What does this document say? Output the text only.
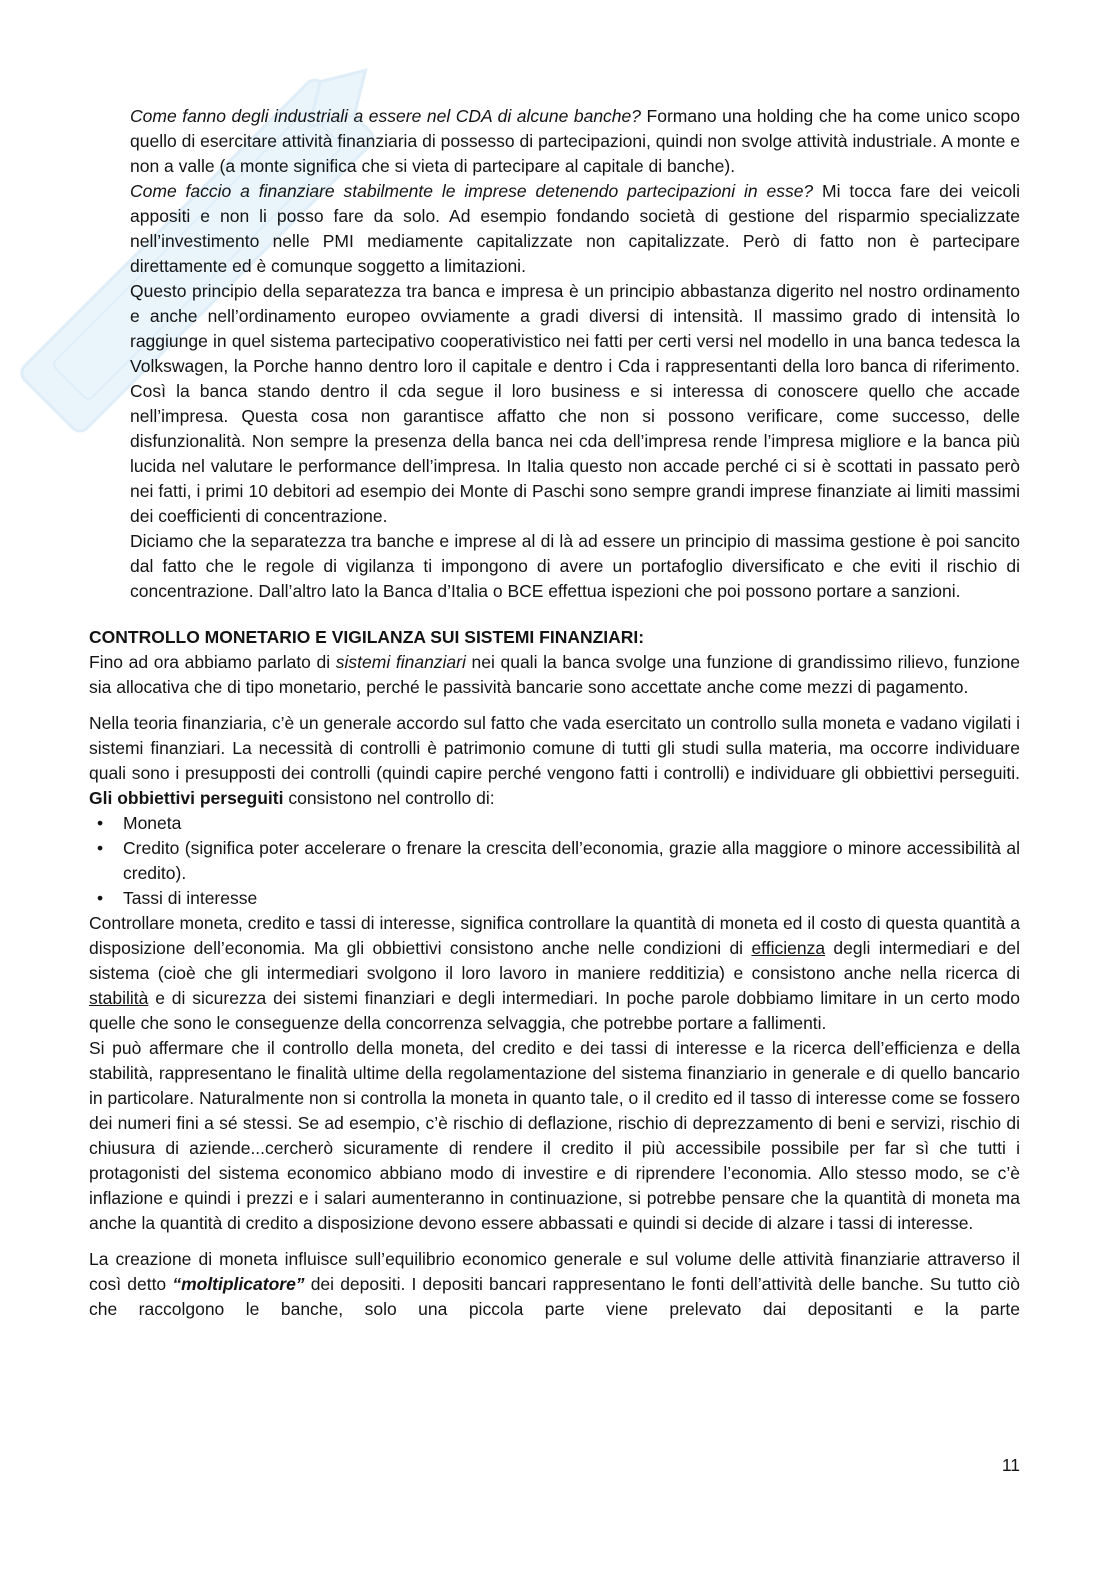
Come fanno degli industriali a essere nel CDA di alcune banche? Formano una holding che ha come unico scopo quello di esercitare attività finanziaria di possesso di partecipazioni, quindi non svolge attività industriale. A monte e non a valle (a monte significa che si vieta di partecipare al capitale di banche).

Come faccio a finanziare stabilmente le imprese detenendo partecipazioni in esse? Mi tocca fare dei veicoli appositi e non li posso fare da solo. Ad esempio fondando società di gestione del risparmio specializzate nell’investimento nelle PMI mediamente capitalizzate non capitalizzate. Però di fatto non è partecipare direttamente ed è comunque soggetto a limitazioni.

Questo principio della separatezza tra banca e impresa è un principio abbastanza digerito nel nostro ordinamento e anche nell’ordinamento europeo ovviamente a gradi diversi di intensità. Il massimo grado di intensità lo raggiunge in quel sistema partecipativo cooperativistico nei fatti per certi versi nel modello in una banca tedesca la Volkswagen, la Porche hanno dentro loro il capitale e dentro i Cda i rappresentanti della loro banca di riferimento. Così la banca stando dentro il cda segue il loro business e si interessa di conoscere quello che accade nell’impresa. Questa cosa non garantisce affatto che non si possono verificare, come successo, delle disfunzionalità. Non sempre la presenza della banca nei cda dell’impresa rende l’impresa migliore e la banca più lucida nel valutare le performance dell’impresa. In Italia questo non accade perché ci si è scottati in passato però nei fatti, i primi 10 debitori ad esempio dei Monte di Paschi sono sempre grandi imprese finanziate ai limiti massimi dei coefficienti di concentrazione.

Diciamo che la separatezza tra banche e imprese al di là ad essere un principio di massima gestione è poi sancito dal fatto che le regole di vigilanza ti impongono di avere un portafoglio diversificato e che eviti il rischio di concentrazione. Dall’altro lato la Banca d’Italia o BCE effettua ispezioni che poi possono portare a sanzioni.

CONTROLLO MONETARIO E VIGILANZA SUI SISTEMI FINANZIARI:

Fino ad ora abbiamo parlato di sistemi finanziari nei quali la banca svolge una funzione di grandissimo rilievo, funzione sia allocativa che di tipo monetario, perché le passività bancarie sono accettate anche come mezzi di pagamento.

Nella teoria finanziaria, c’è un generale accordo sul fatto che vada esercitato un controllo sulla moneta e vadano vigilati i sistemi finanziari. La necessità di controlli è patrimonio comune di tutti gli studi sulla materia, ma occorre individuare quali sono i presupposti dei controlli (quindi capire perché vengono fatti i controlli) e individuare gli obbiettivi perseguiti. Gli obbiettivi perseguiti consistono nel controllo di:

•	Moneta
•	Credito (significa poter accelerare o frenare la crescita dell’economia, grazie alla maggiore o minore accessibilità al credito).
•	Tassi di interesse

Controllare moneta, credito e tassi di interesse, significa controllare la quantità di moneta ed il costo di questa quantità a disposizione dell’economia. Ma gli obbiettivi consistono anche nelle condizioni di efficienza degli intermediari e del sistema (cioè che gli intermediari svolgono il loro lavoro in maniere redditizia) e consistono anche nella ricerca di stabilità e di sicurezza dei sistemi finanziari e degli intermediari. In poche parole dobbiamo limitare in un certo modo quelle che sono le conseguenze della concorrenza selvaggia, che potrebbe portare a fallimenti.

Si può affermare che il controllo della moneta, del credito e dei tassi di interesse e la ricerca dell’efficienza e della stabilità, rappresentano le finalità ultime della regolamentazione del sistema finanziario in generale e di quello bancario in particolare. Naturalmente non si controlla la moneta in quanto tale, o il credito ed il tasso di interesse come se fossero dei numeri fini a sé stessi. Se ad esempio, c’è rischio di deflazione, rischio di deprezzamento di beni e servizi, rischio di chiusura di aziende...cercherò sicuramente di rendere il credito il più accessibile possibile per far sì che tutti i protagonisti del sistema economico abbiano modo di investire e di riprendere l’economia. Allo stesso modo, se c’è inflazione e quindi i prezzi e i salari aumenteranno in continuazione, si potrebbe pensare che la quantità di moneta ma anche la quantità di credito a disposizione devono essere abbassati e quindi si decide di alzare i tassi di interesse.

La creazione di moneta influisce sull’equilibrio economico generale e sul volume delle attività finanziarie attraverso il così detto “moltiplicatore” dei depositi. I depositi bancari rappresentano le fonti dell’attività delle banche. Su tutto ciò che raccolgono le banche, solo una piccola parte viene prelevato dai depositanti e la parte

11
